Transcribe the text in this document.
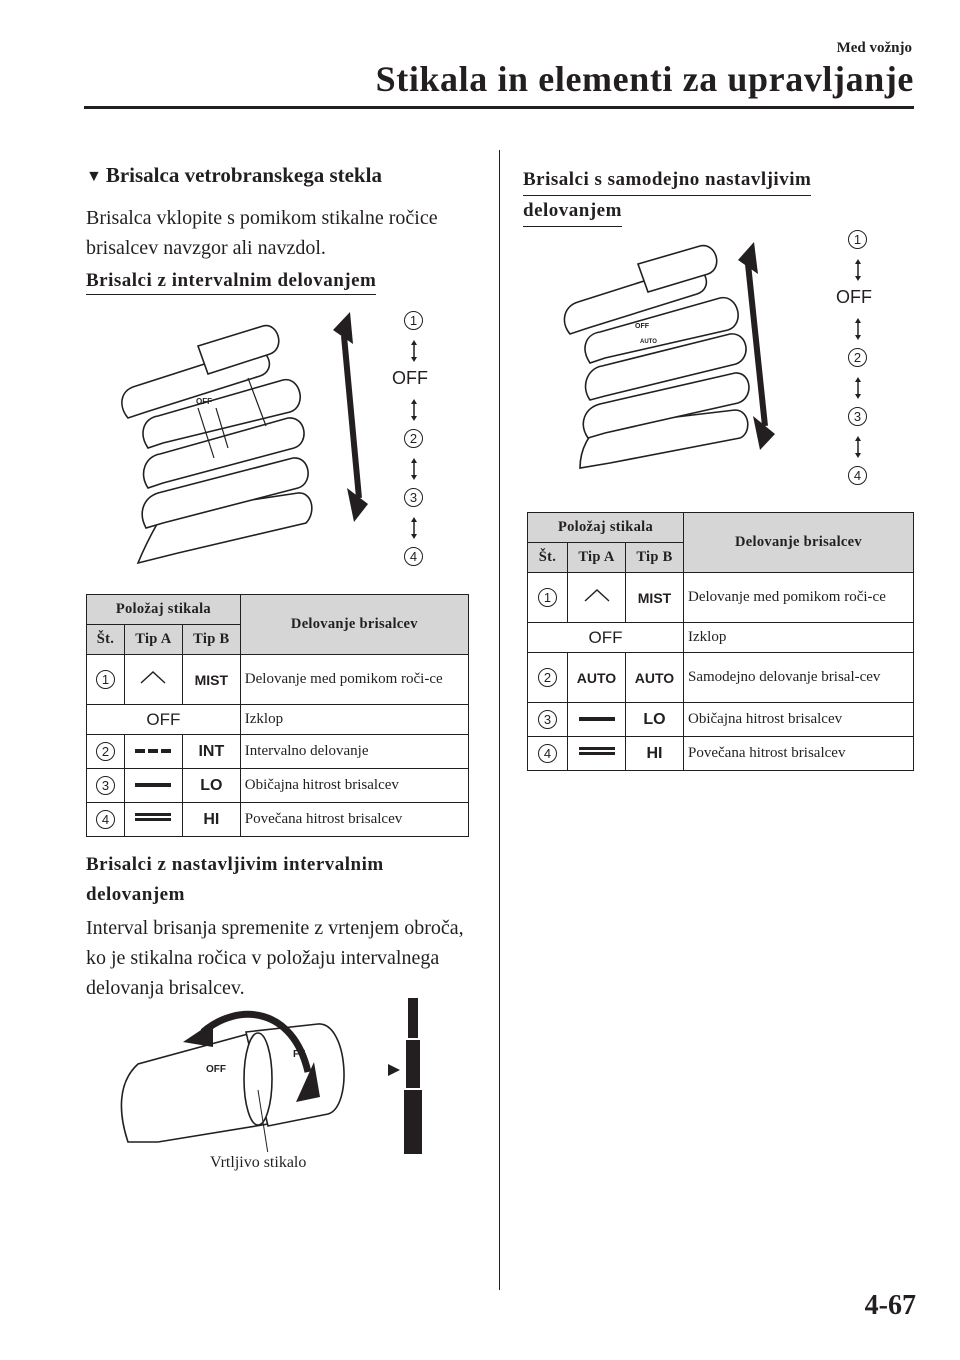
Med vožnjo
Stikala in elementi za upravljanje
▼ Brisalca vetrobranskega stekla
Brisalca vklopite s pomikom stikalne ročice brisalcev navzgor ali navzdol.
Brisalci z intervalnim delovanjem
OFF
1
OFF
2
3
4
Položaj stikala			Delovanje brisalcev
Št.	Tip A	Tip B	
1		MIST	Delovanje med pomikom roči-ce
OFF			Izklop
2		INT	Intervalno delovanje
3		LO	Običajna hitrost brisalcev
4		HI	Povečana hitrost brisalcev
Brisalci z nastavljivim intervalnim
delovanjem
Interval brisanja spremenite z vrtenjem obroča, ko je stikalna ročica v položaju intervalnega delovanja brisalcev.
OFF
FF
Vrtljivo stikalo
Brisalci s samodejno nastavljivim
delovanjem
OFF
AUTO
1
OFF
2
3
4
Položaj stikala			Delovanje brisalcev
Št.	Tip A	Tip B	
1		MIST	Delovanje med pomikom roči-ce
OFF			Izklop
2	AUTO	AUTO	Samodejno delovanje brisal-cev
3		LO	Običajna hitrost brisalcev
4		HI	Povečana hitrost brisalcev
4-67
